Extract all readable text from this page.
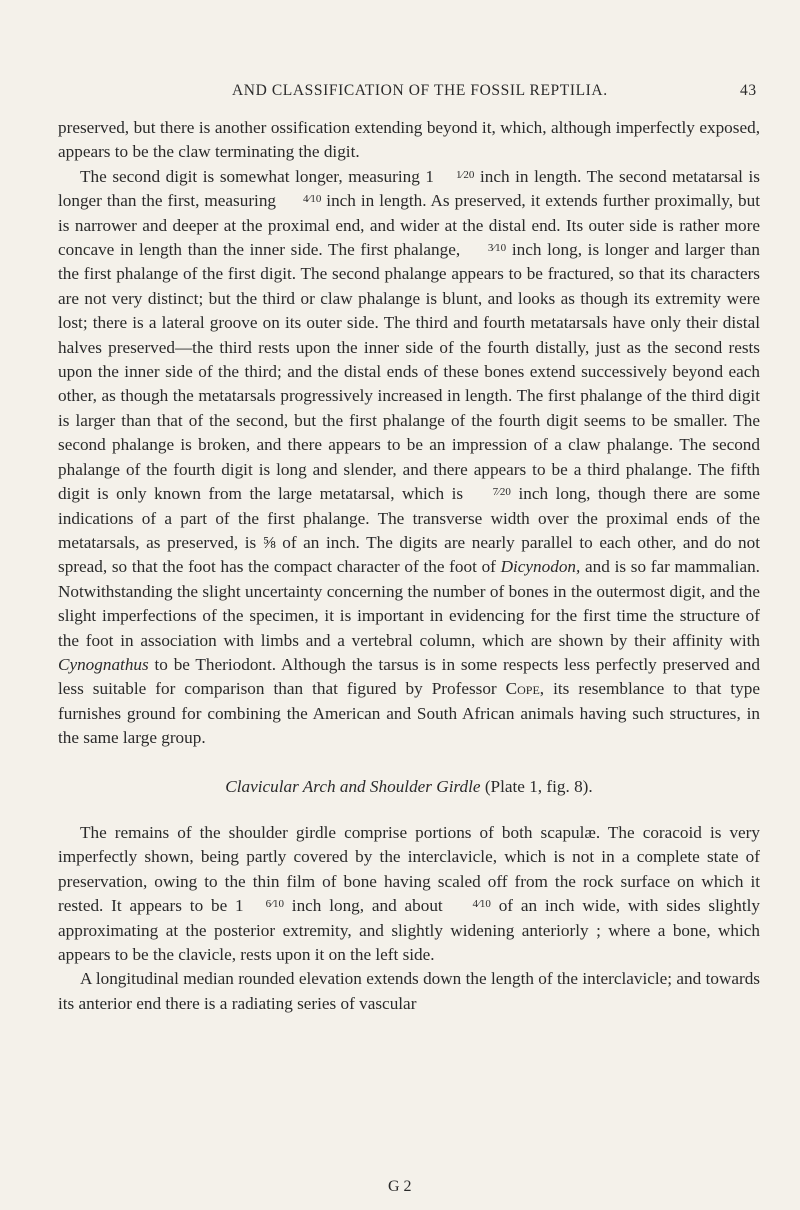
AND CLASSIFICATION OF THE FOSSIL REPTILIA.	43

preserved, but there is another ossification extending beyond it, which, although imperfectly exposed, appears to be the claw terminating the digit.

The second digit is somewhat longer, measuring 1 1⁄20 inch in length. The second metatarsal is longer than the first, measuring 4⁄10 inch in length. As preserved, it extends further proximally, but is narrower and deeper at the proximal end, and wider at the distal end. Its outer side is rather more concave in length than the inner side. The first phalange, 3⁄10 inch long, is longer and larger than the first phalange of the first digit. The second phalange appears to be fractured, so that its characters are not very distinct; but the third or claw phalange is blunt, and looks as though its extremity were lost; there is a lateral groove on its outer side. The third and fourth metatarsals have only their distal halves preserved—the third rests upon the inner side of the fourth distally, just as the second rests upon the inner side of the third; and the distal ends of these bones extend successively beyond each other, as though the metatarsals progressively increased in length. The first phalange of the third digit is larger than that of the second, but the first phalange of the fourth digit seems to be smaller. The second phalange is broken, and there appears to be an impression of a claw phalange. The second phalange of the fourth digit is long and slender, and there appears to be a third phalange. The fifth digit is only known from the large metatarsal, which is 7⁄20 inch long, though there are some indications of a part of the first phalange. The transverse width over the proximal ends of the metatarsals, as preserved, is ⅝ of an inch. The digits are nearly parallel to each other, and do not spread, so that the foot has the compact character of the foot of Dicynodon, and is so far mammalian. Notwithstanding the slight uncertainty concerning the number of bones in the outermost digit, and the slight imperfections of the specimen, it is important in evidencing for the first time the structure of the foot in association with limbs and a vertebral column, which are shown by their affinity with Cynognathus to be Theriodont. Although the tarsus is in some respects less perfectly preserved and less suitable for comparison than that figured by Professor Cope, its resemblance to that type furnishes ground for combining the American and South African animals having such structures, in the same large group.

Clavicular Arch and Shoulder Girdle (Plate 1, fig. 8).

The remains of the shoulder girdle comprise portions of both scapulæ. The coracoid is very imperfectly shown, being partly covered by the interclavicle, which is not in a complete state of preservation, owing to the thin film of bone having scaled off from the rock surface on which it rested. It appears to be 1 6⁄10 inch long, and about 4⁄10 of an inch wide, with sides slightly approximating at the posterior extremity, and slightly widening anteriorly ; where a bone, which appears to be the clavicle, rests upon it on the left side.

A longitudinal median rounded elevation extends down the length of the interclavicle; and towards its anterior end there is a radiating series of vascular

G 2
